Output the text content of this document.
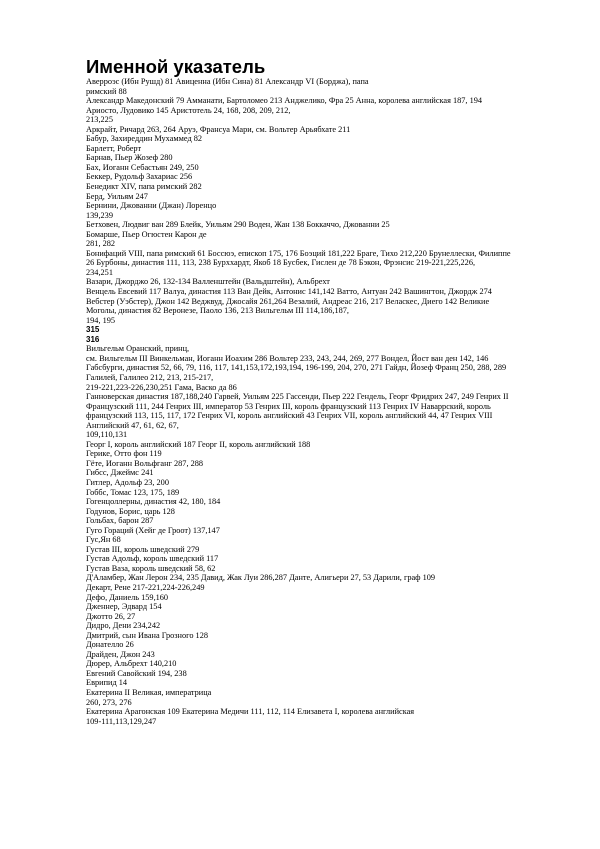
Именной указатель
Аверроэс (Ибн Рушд) 81 Авиценна (Ибн Сина) 81 Александр VI (Борджа), папа
римский 88
Александр Македонский 79 Амманати, Бартоломео 213 Анджелико, Фра 25 Анна, королева английская 187, 194
Ариосто, Лудовико 145 Аристотель 24, 168, 208, 209, 212,
213,225
Аркрайт, Ричард 263, 264 Аруэ, Франсуа Мари, см. Вольтер Арьябхате 211
Бабур, Захиреддин Мухаммед 82
Барлетт, Роберт
Барнав, Пьер Жозеф 280
Бах, Иоганн Себастьян 249, 250
Беккер, Рудольф Захариас 256
Бенедикт XIV, папа римский 282
Берд, Уильям 247
Бернини, Джованни (Джан) Лоренцо
139,239
Бетховен, Людвиг ван 289 Блейк, Уильям 290 Воден, Жан 138 Боккаччо, Джованни 25
Бомарше, Пьер Огюстен Карон де
281, 282
Бонифаций VIII, папа римский 61 Боссюэ, епископ 175, 176 Боэций 181,222 Браге, Тихо 212,220 Брунеллески, Филиппе
26 Бурбоны, династия 111, 113, 238 Бурххардт, Якоб 18 Бусбек, Гислен де 78 Бэкон, Фрэнсис 219-221,225,226,
234,251
Вазари, Джорджо 26, 132-134 Валленштейн (Вальдштейн), Альбрехт
Венцель Евсевий 117 Валуа, династия 113 Ван Дейк, Антонис 141,142 Ватто, Антуан 242 Вашингтон, Джордж 274
Вебстер (Уэбстер), Джон 142 Веджвуд, Джосайя 261,264 Везалий, Андреас 216, 217 Веласкес, Диего 142 Великие
Моголы, династия 82 Веронезе, Паоло 136, 213 Вильгельм III 114,186,187,
194, 195
315
316
Вильгельм Оранский, принц,
см. Вильгельм III Винкельман, Иоганн Иоахим 286 Вольтер 233, 243, 244, 269, 277 Вондел, Йост ван ден 142, 146
Габсбурги, династия 52, 66, 79, 116, 117, 141,153,172,193,194, 196-199, 204, 270, 271 Гайдн, Йозеф Франц 250, 288, 289
Галилей, Галилео 212, 213, 215-217,
219-221,223-226,230,251 Гама, Васко да 86
Ганноверская династия 187,188,240 Гарвей, Уильям 225 Гассенди, Пьер 222 Гендель, Георг Фридрих 247, 249 Генрих II
Французский 111, 244 Генрих III, император 53 Генрих III, король французский 113 Генрих IV Наваррский, король
французский 113, 115, 117, 172 Генрих VI, король английский 43 Генрих VII, король английский 44, 47 Генрих VIII
Английский 47, 61, 62, 67,
109,110,131
Георг I, король английский 187 Георг II, король английский 188
Герике, Отто фон 119
Гёте, Иоганн Вольфганг 287, 288
Гибсс, Джеймс 241
Гитлер, Адольф 23, 200
Гоббс, Томас 123, 175, 189
Гогенцоллерны, династия 42, 180, 184
Годунов, Борис, царь 128
Гольбах, барон 287
Гуго Гораций (Хейг де Гроот) 137,147
Гус,Ян 68
Густав III, король шведский 279
Густав Адольф, король шведский 117
Густав Ваза, король шведский 58, 62
Д'Аламбер, Жан Лерон 234, 235 Давид, Жак Луи 286,287 Данте, Алигьери 27, 53 Дарили, граф 109
Декарт, Рене 217-221,224-226,249
Дефо, Даниель 159,160
Дженнер, Эдвард 154
Джотто 26, 27
Дидро, Дени 234,242
Дмитрий, сын Ивана Грозного 128
Донателло 26
Драйден, Джон 243
Дюрер, Альбрехт 140,210
Евгений Савойский 194, 238
Еврипид 14
Екатерина II Великая, императрица
260, 273, 276
Екатерина Арагонская 109 Екатерина Медичи 111, 112, 114 Елизавета I, королева английская
109-111,113,129,247
